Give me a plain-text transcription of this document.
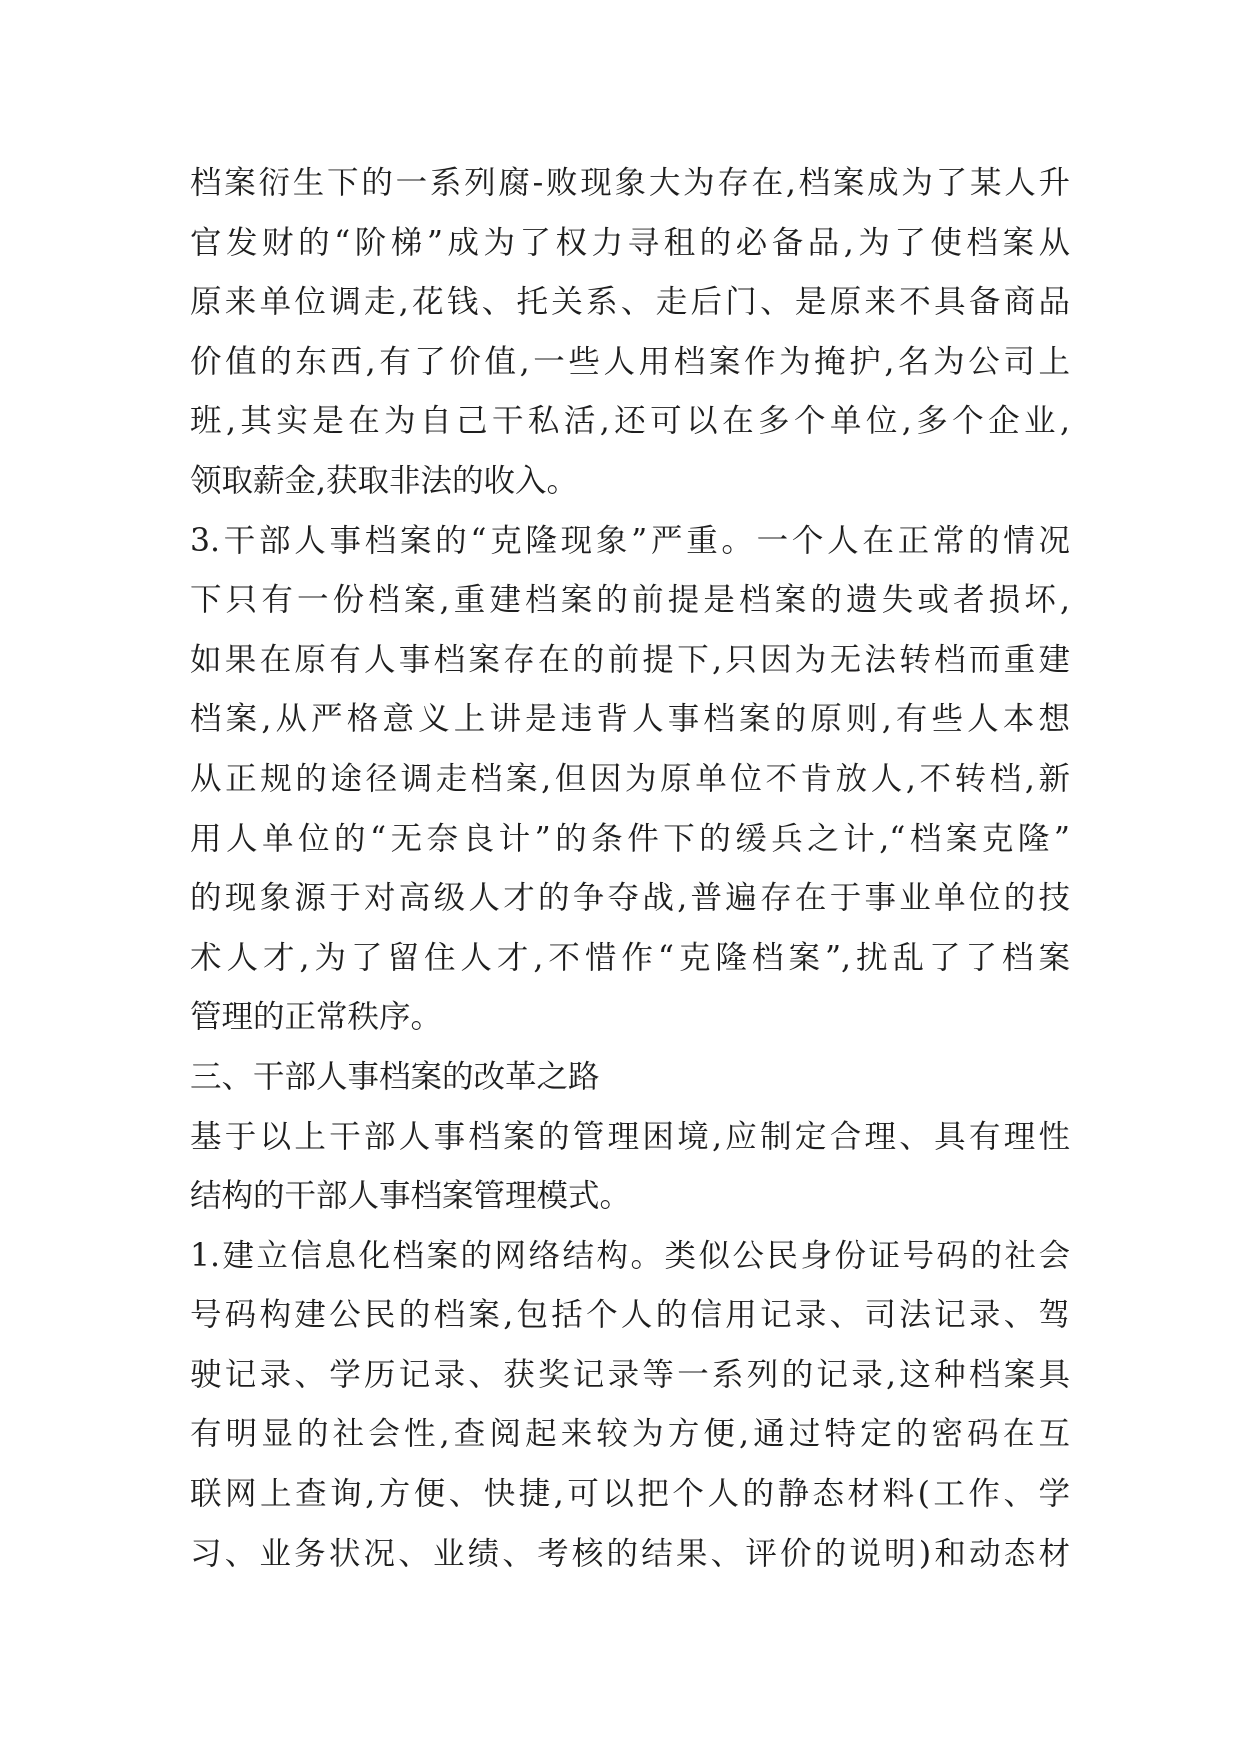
档案衍生下的一系列腐-败现象大为存在,档案成为了某人升
官发财的“阶梯”成为了权力寻租的必备品,为了使档案从
原来单位调走,花钱、托关系、走后门、是原来不具备商品
价值的东西,有了价值,一些人用档案作为掩护,名为公司上
班,其实是在为自己干私活,还可以在多个单位,多个企业,
领取薪金,获取非法的收入。
3.干部人事档案的“克隆现象”严重。一个人在正常的情况
下只有一份档案,重建档案的前提是档案的遗失或者损坏,
如果在原有人事档案存在的前提下,只因为无法转档而重建
档案,从严格意义上讲是违背人事档案的原则,有些人本想
从正规的途径调走档案,但因为原单位不肯放人,不转档,新
用人单位的“无奈良计”的条件下的缓兵之计,“档案克隆”
的现象源于对高级人才的争夺战,普遍存在于事业单位的技
术人才,为了留住人才,不惜作“克隆档案”,扰乱了了档案
管理的正常秩序。
三、干部人事档案的改革之路
基于以上干部人事档案的管理困境,应制定合理、具有理性
结构的干部人事档案管理模式。
1.建立信息化档案的网络结构。类似公民身份证号码的社会
号码构建公民的档案,包括个人的信用记录、司法记录、驾
驶记录、学历记录、获奖记录等一系列的记录,这种档案具
有明显的社会性,查阅起来较为方便,通过特定的密码在互
联网上查询,方便、快捷,可以把个人的静态材料(工作、学
习、业务状况、业绩、考核的结果、评价的说明)和动态材
